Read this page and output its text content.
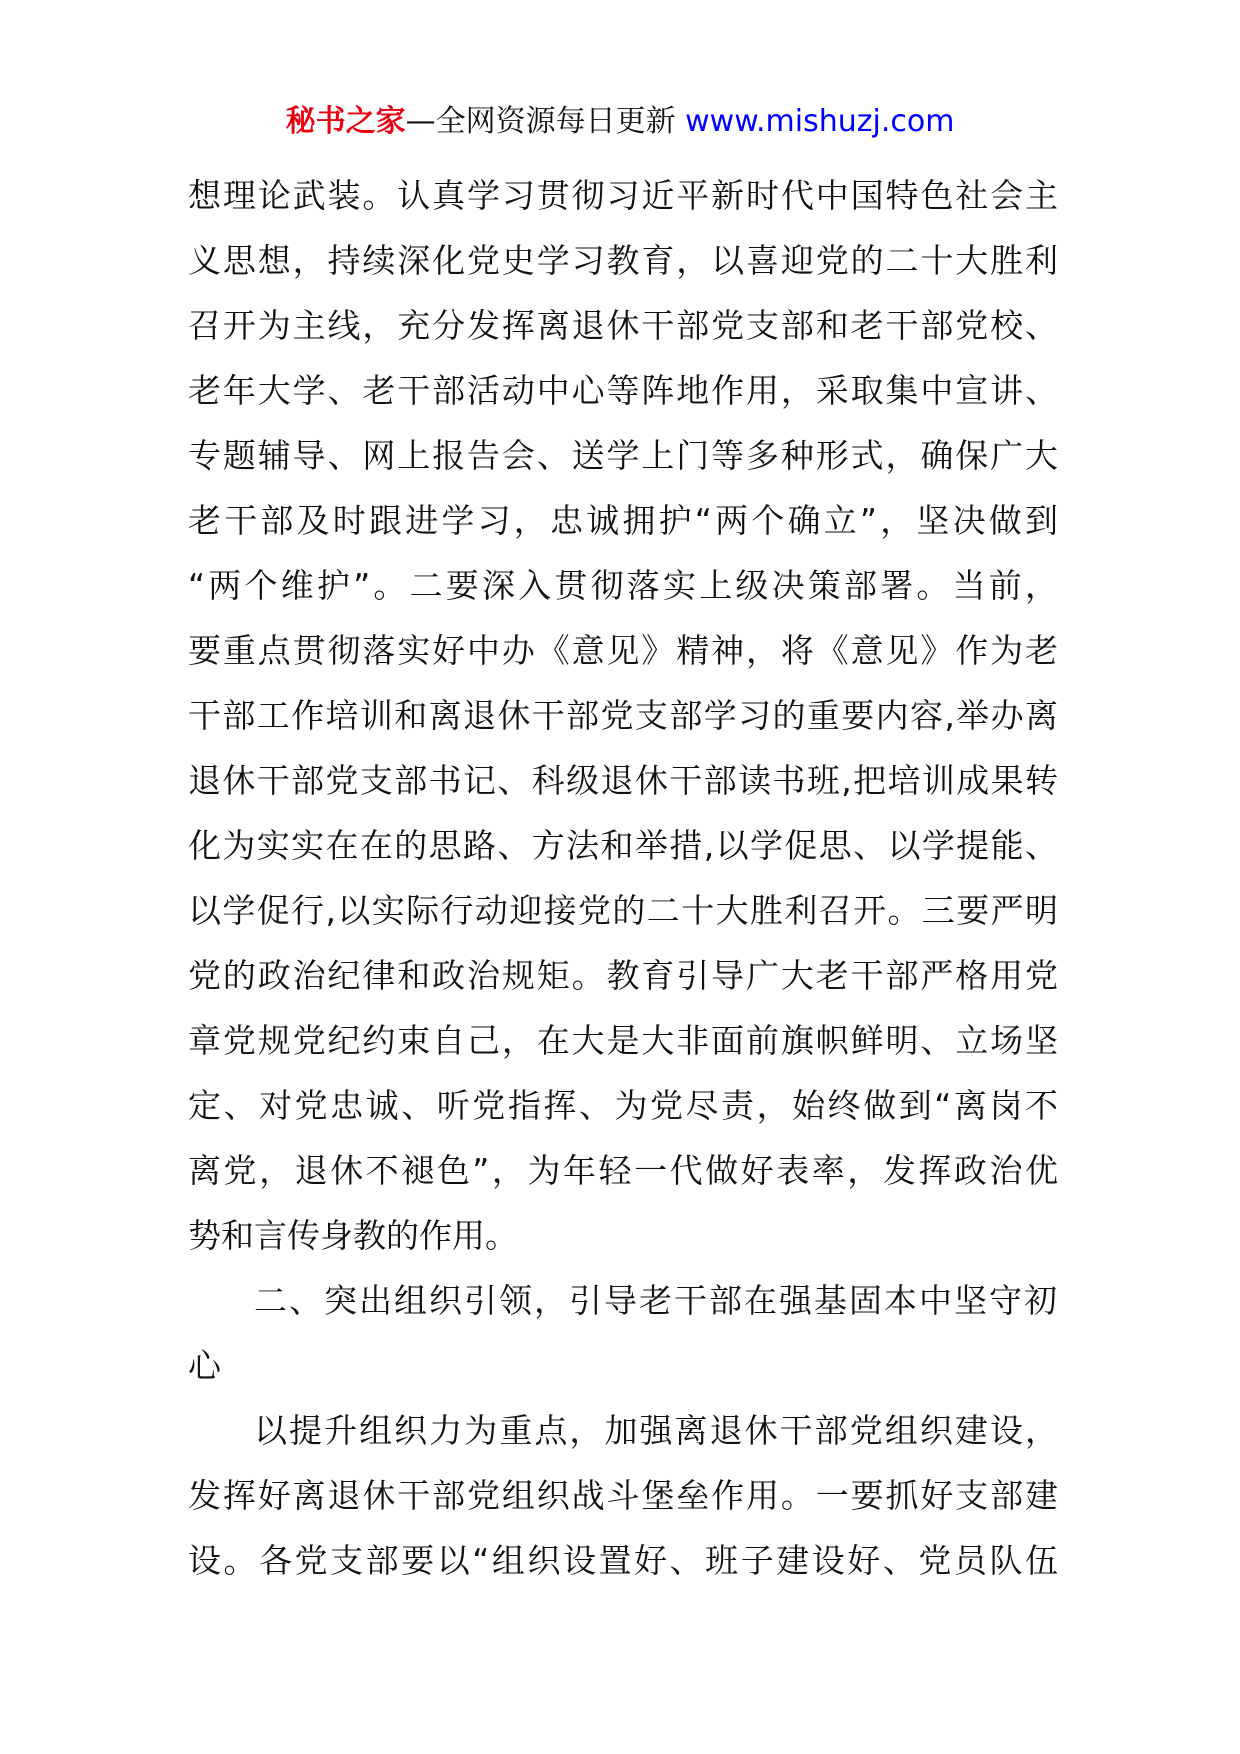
秘书之家—全网资源每日更新 www.mishuzj.com
想理论武装。认真学习贯彻习近平新时代中国特色社会主
义思想，持续深化党史学习教育，以喜迎党的二十大胜利
召开为主线，充分发挥离退休干部党支部和老干部党校、
老年大学、老干部活动中心等阵地作用，采取集中宣讲、
专题辅导、网上报告会、送学上门等多种形式，确保广大
老干部及时跟进学习，忠诚拥护“两个确立”，坚决做到
“两个维护”。二要深入贯彻落实上级决策部署。当前，
要重点贯彻落实好中办《意见》精神，将《意见》作为老
干部工作培训和离退休干部党支部学习的重要内容,举办离
退休干部党支部书记、科级退休干部读书班,把培训成果转
化为实实在在的思路、方法和举措,以学促思、以学提能、
以学促行,以实际行动迎接党的二十大胜利召开。三要严明
党的政治纪律和政治规矩。教育引导广大老干部严格用党
章党规党纪约束自己，在大是大非面前旗帜鲜明、立场坚
定、对党忠诚、听党指挥、为党尽责，始终做到“离岗不
离党，退休不褪色”，为年轻一代做好表率，发挥政治优
势和言传身教的作用。
二、突出组织引领，引导老干部在强基固本中坚守初
心
以提升组织力为重点，加强离退休干部党组织建设，
发挥好离退休干部党组织战斗堡垒作用。一要抓好支部建
设。各党支部要以“组织设置好、班子建设好、党员队伍
